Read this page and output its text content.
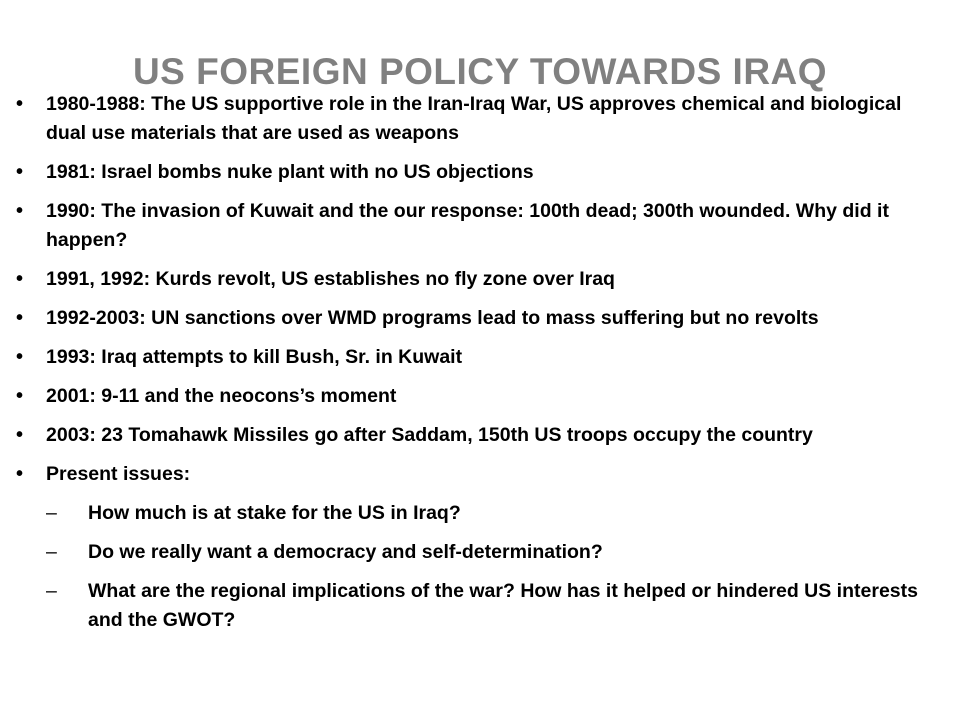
US FOREIGN POLICY TOWARDS IRAQ
• 1980-1988: The US supportive role in the Iran-Iraq War, US approves chemical and biological dual use materials that are used as weapons
• 1981: Israel bombs nuke plant with no US objections
• 1990: The invasion of Kuwait and the our response: 100th dead; 300th wounded. Why did it happen?
• 1991, 1992: Kurds revolt, US establishes no fly zone over Iraq
• 1992-2003: UN sanctions over WMD programs lead to mass suffering but no revolts
• 1993: Iraq attempts to kill Bush, Sr. in Kuwait
• 2001: 9-11 and the neocons’s moment
• 2003: 23 Tomahawk Missiles go after Saddam, 150th US troops occupy the country
• Present issues:
– How much is at stake for the US in Iraq?
– Do we really want a democracy and self-determination?
– What are the regional implications of the war? How has it helped or hindered US interests and the GWOT?
